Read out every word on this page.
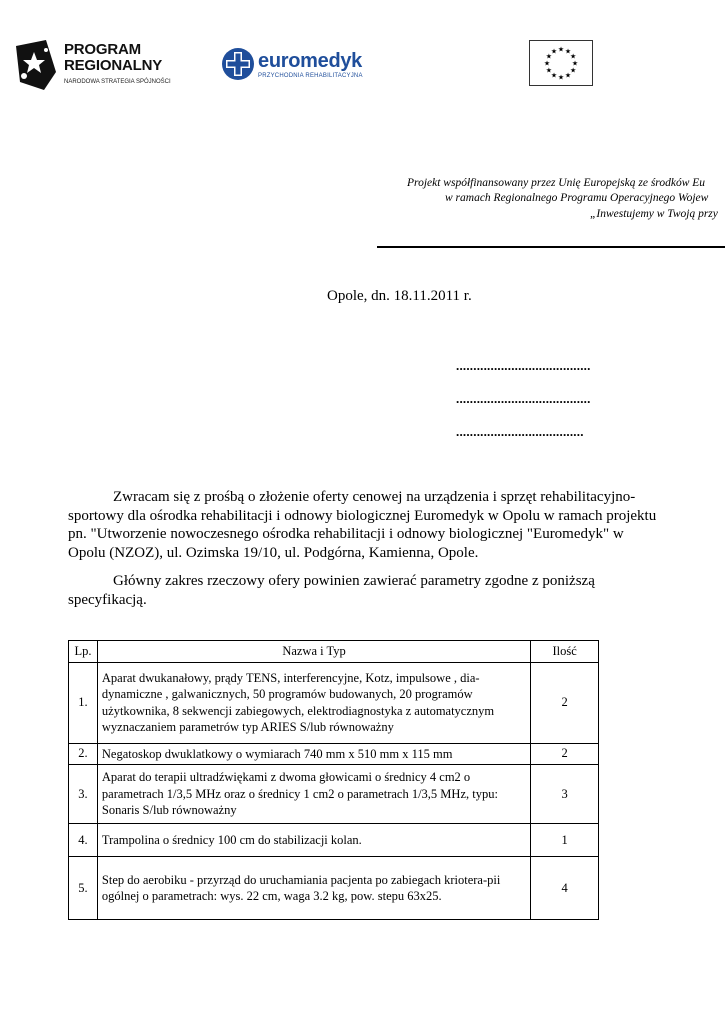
PROGRAM
REGIONALNY
NARODOWA STRATEGIA SPÓJNOŚCI
euromedyk
PRZYCHODNIA REHABILITACYJNA
★ ★
★
★
★
★
★
★
★
★
★
★
Projekt współfinansowany przez Unię Europejską ze środków Eu
w ramach Regionalnego Programu Operacyjnego Wojew
„Inwestujemy w Twoją przy
Opole, dn. 18.11.2011 r.
.......................................
.......................................
.....................................
Zwracam się z prośbą o złożenie oferty cenowej na urządzenia i sprzęt rehabilitacyjno-sportowy dla ośrodka rehabilitacji i odnowy biologicznej Euromedyk w Opolu w ramach projektu pn. "Utworzenie nowoczesnego ośrodka rehabilitacji i odnowy biologicznej "Euromedyk" w Opolu (NZOZ), ul. Ozimska 19/10, ul. Podgórna, Kamienna, Opole.
Główny zakres rzeczowy ofery powinien zawierać parametry zgodne z poniższą specyfikacją.
Lp.	Nazwa i Typ	Ilość
1.	Aparat dwukanałowy, prądy TENS, interferencyjne, Kotz, impulsowe , dia-dynamiczne , galwanicznych, 50 programów budowanych, 20 programów użytkownika, 8 sekwencji zabiegowych, elektrodiagnostyka z automatycznym wyznaczaniem parametrów typ ARIES S/lub równoważny	2
2.	Negatoskop dwuklatkowy o wymiarach 740 mm x 510 mm x 115 mm	2
3.	Aparat do terapii ultradźwiękami z dwoma głowicami o średnicy 4 cm2 o parametrach 1/3,5 MHz oraz o średnicy 1 cm2 o parametrach 1/3,5 MHz, typu: Sonaris S/lub równoważny	3
4.	Trampolina o średnicy 100 cm do stabilizacji kolan.	1
5.	Step do aerobiku - przyrząd do uruchamiania pacjenta po zabiegach kriotera-pii ogólnej o parametrach: wys. 22 cm, waga 3.2 kg, pow. stepu 63x25.	4
